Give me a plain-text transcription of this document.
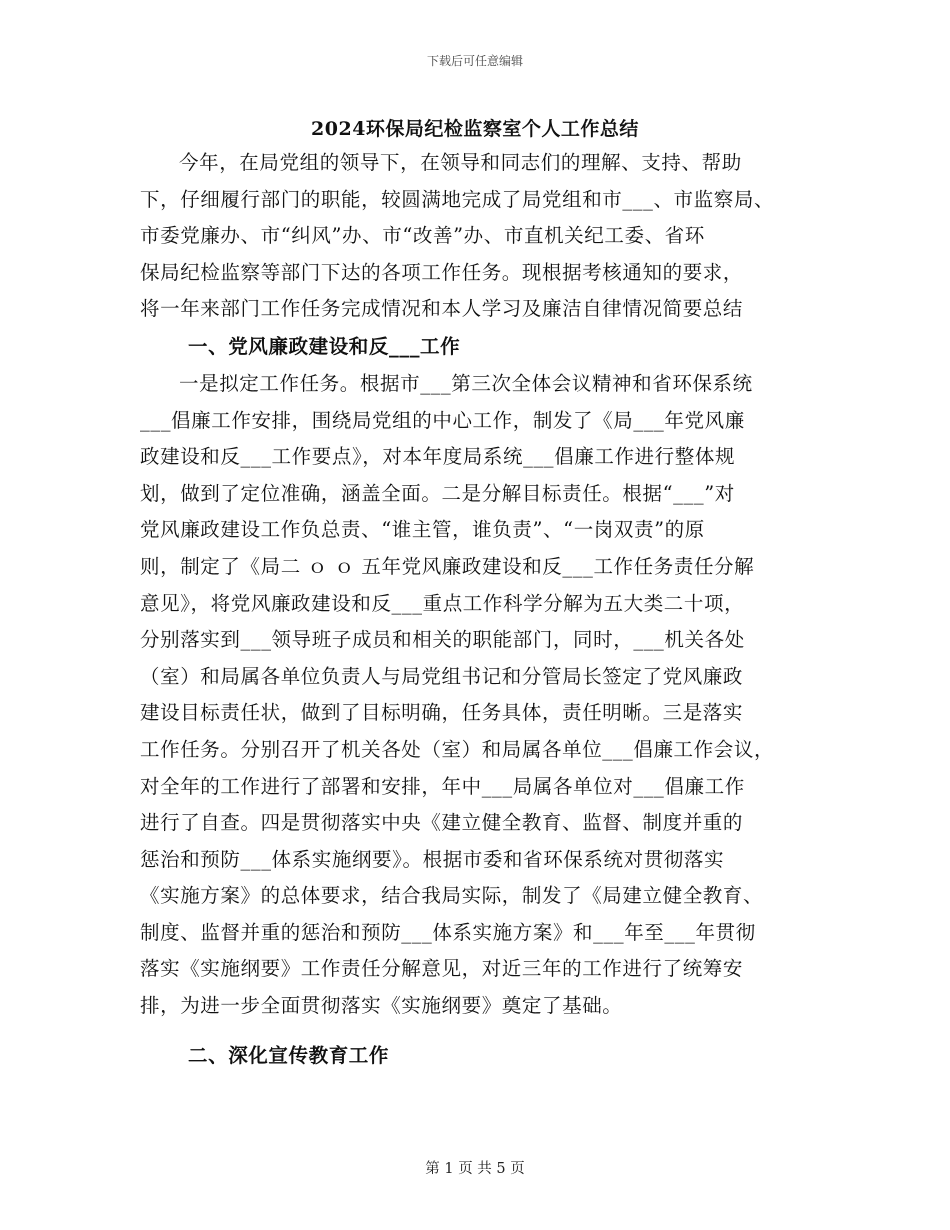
下载后可任意编辑
2024环保局纪检监察室个人工作总结
今年，在局党组的领导下，在领导和同志们的理解、支持、帮助
下，仔细履行部门的职能，较圆满地完成了局党组和市___、市监察局、
市委党廉办、市“纠风”办、市“改善”办、市直机关纪工委、省环
保局纪检监察等部门下达的各项工作任务。现根据考核通知的要求，
将一年来部门工作任务完成情况和本人学习及廉洁自律情况简要总结
一、党风廉政建设和反___工作
一是拟定工作任务。根据市___第三次全体会议精神和省环保系统
___倡廉工作安排，围绕局党组的中心工作，制发了《局___年党风廉
政建设和反___工作要点》，对本年度局系统___倡廉工作进行整体规
划，做到了定位准确，涵盖全面。二是分解目标责任。根据“___”对
党风廉政建设工作负总责、“谁主管，谁负责”、“一岗双责”的原
则，制定了《局二 ｏ ｏ 五年党风廉政建设和反___工作任务责任分解
意见》，将党风廉政建设和反___重点工作科学分解为五大类二十项，
分别落实到___领导班子成员和相关的职能部门，同时，___机关各处
（室）和局属各单位负责人与局党组书记和分管局长签定了党风廉政
建设目标责任状，做到了目标明确，任务具体，责任明晰。三是落实
工作任务。分别召开了机关各处（室）和局属各单位___倡廉工作会议，
对全年的工作进行了部署和安排，年中___局属各单位对___倡廉工作
进行了自查。四是贯彻落实中央《建立健全教育、监督、制度并重的
惩治和预防___体系实施纲要》。根据市委和省环保系统对贯彻落实
《实施方案》的总体要求，结合我局实际，制发了《局建立健全教育、
制度、监督并重的惩治和预防___体系实施方案》和___年至___年贯彻
落实《实施纲要》工作责任分解意见，对近三年的工作进行了统筹安
排，为进一步全面贯彻落实《实施纲要》奠定了基础。
二、深化宣传教育工作
第 1 页 共 5 页
